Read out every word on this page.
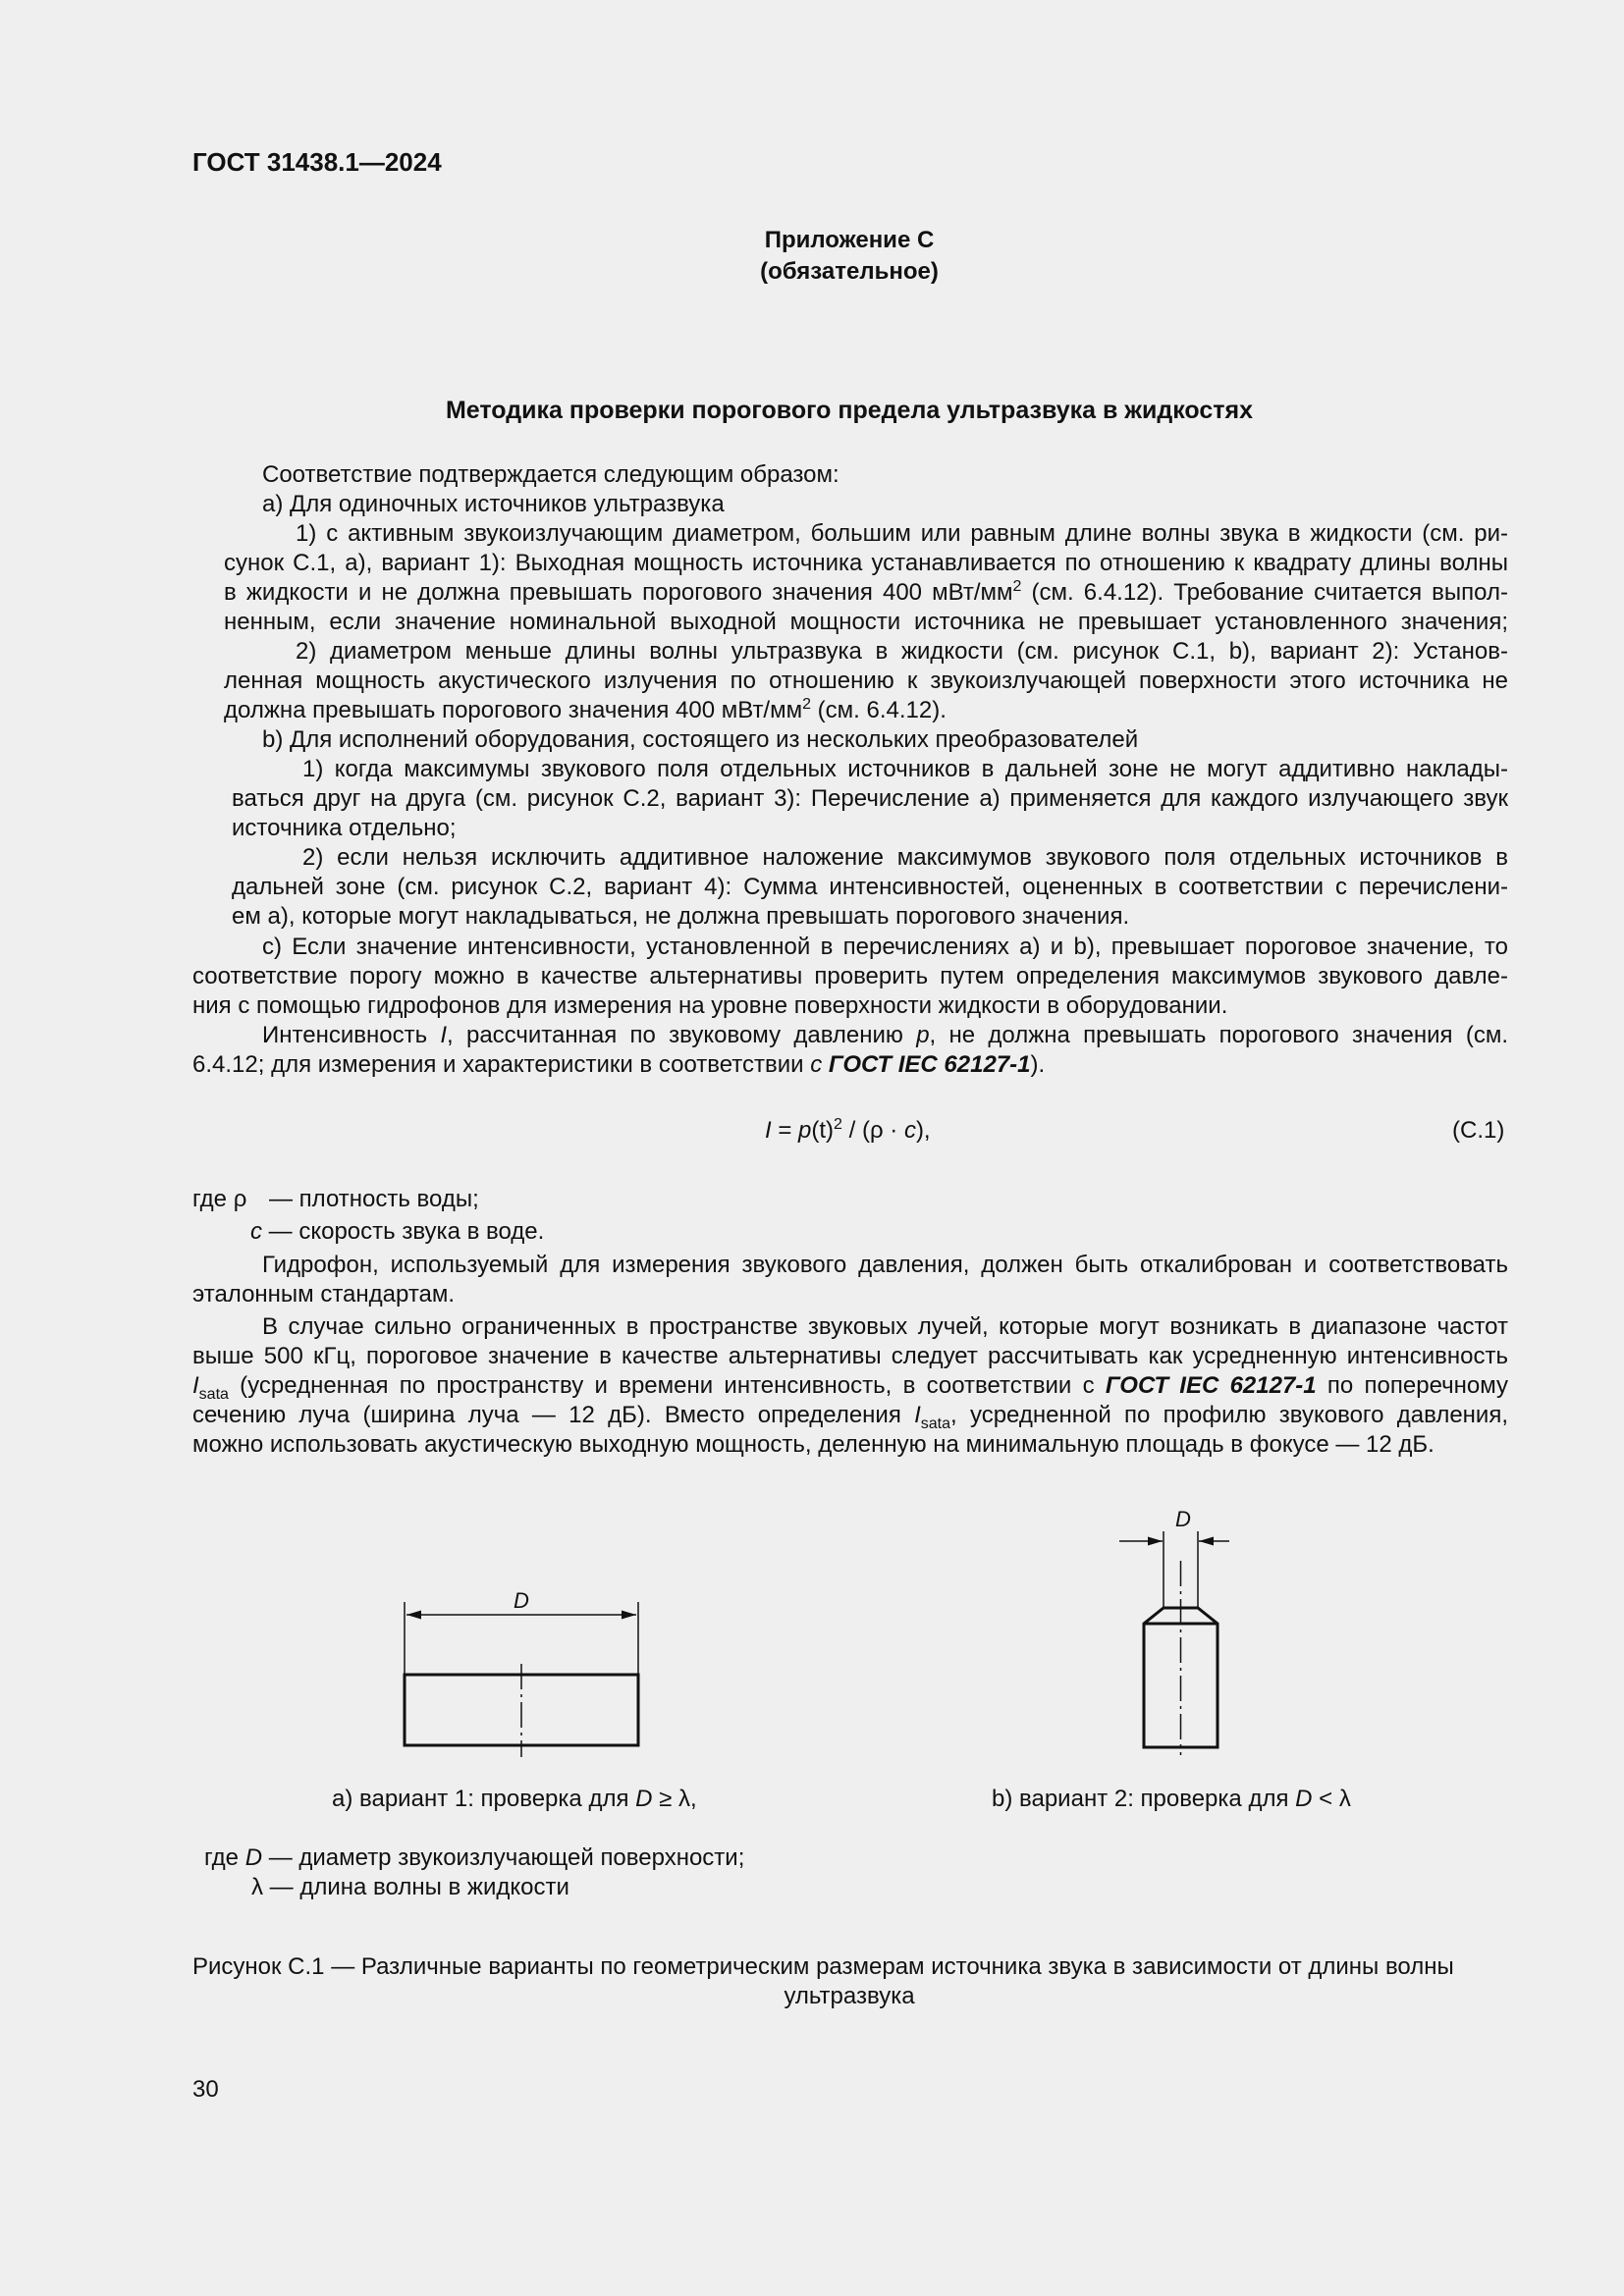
ГОСТ 31438.1—2024
Приложение С
(обязательное)
Методика проверки порогового предела ультразвука в жидкостях
Соответствие подтверждается следующим образом:
а) Для одиночных источников ультразвука
1) с активным звукоизлучающим диаметром, большим или равным длине волны звука в жидкости (см. ри-
сунок С.1, а), вариант 1): Выходная мощность источника устанавливается по отношению к квадрату длины волны
в жидкости и не должна превышать порогового значения 400 мВт/$мм^2$ (см. 6.4.12). Требование считается выпол-
ненным, если значение номинальной выходной мощности источника не превышает установленного значения;
2) диаметром меньше длины волны ультразвука в жидкости (см. рисунок С.1, b), вариант 2): Установ-
ленная мощность акустического излучения по отношению к звукоизлучающей поверхности этого источника не
должна превышать порогового значения 400 мВт/$мм^2$ (см. 6.4.12).
b) Для исполнений оборудования, состоящего из нескольких преобразователей
1) когда максимумы звукового поля отдельных источников в дальней зоне не могут аддитивно наклады-
ваться друг на друга (см. рисунок С.2, вариант 3): Перечисление а) применяется для каждого излучающего звук
источника отдельно;
2) если нельзя исключить аддитивное наложение максимумов звукового поля отдельных источников в
дальней зоне (см. рисунок С.2, вариант 4): Сумма интенсивностей, оцененных в соответствии с перечислени-
ем а), которые могут накладываться, не должна превышать порогового значения.
с) Если значение интенсивности, установленной в перечислениях а) и b), превышает пороговое значение, то
соответствие порогу можно в качестве альтернативы проверить путем определения максимумов звукового давле-
ния с помощью гидрофонов для измерения на уровне поверхности жидкости в оборудовании.
Интенсивность I, рассчитанная по звуковому давлению p, не должна превышать порогового значения (см.
6.4.12; для измерения и характеристики в соответствии с ГОСТ IEC 62127-1).
$I = p(t)^2 / (\rho \cdot c)$,	(С.1)
где ρ — плотность воды;
с — скорость звука в воде.
Гидрофон, используемый для измерения звукового давления, должен быть откалиброван и соответствовать
эталонным стандартам.
В случае сильно ограниченных в пространстве звуковых лучей, которые могут возникать в диапазоне частот
выше 500 кГц, пороговое значение в качестве альтернативы следует рассчитывать как усредненную интенсивность
$I_{sata}$ (усредненная по пространству и времени интенсивность, в соответствии с ГОСТ IEC 62127-1 по поперечному
сечению луча (ширина луча — 12 дБ). Вместо определения $I_{sata}$, усредненной по профилю звукового давления,
можно использовать акустическую выходную мощность, деленную на минимальную площадь в фокусе — 12 дБ.
D
D
а) вариант 1: проверка для D ≥ λ,	b) вариант 2: проверка для D < λ
где D — диаметр звукоизлучающей поверхности;
λ — длина волны в жидкости
Рисунок С.1 — Различные варианты по геометрическим размерам источника звука в зависимости от длины волны
ультразвука
30
